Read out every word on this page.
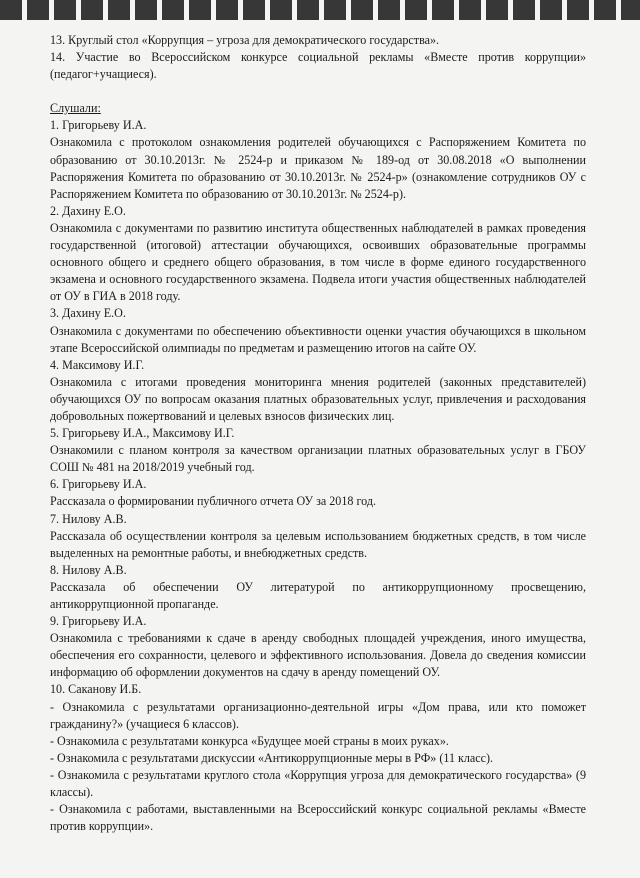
13. Круглый стол «Коррупция – угроза для демократического государства».

14. Участие во Всероссийском конкурсе социальной рекламы «Вместе против коррупции» (педагог+учащиеся).

Слушали:

1. Григорьеву И.А.

Ознакомила с протоколом ознакомления родителей обучающихся с Распоряжением Комитета по образованию от 30.10.2013г. № 2524-р и приказом № 189-од от 30.08.2018 «О выполнении Распоряжения Комитета по образованию от 30.10.2013г. № 2524-р» (ознакомление сотрудников ОУ с Распоряжением Комитета по образованию от 30.10.2013г. № 2524-р).

2. Дахину Е.О.

Ознакомила с документами по развитию института общественных наблюдателей в рамках проведения государственной (итоговой) аттестации обучающихся, освоивших образовательные программы основного общего и среднего общего образования, в том числе в форме единого государственного экзамена и основного государственного экзамена. Подвела итоги участия общественных наблюдателей от ОУ в ГИА в 2018 году.

3. Дахину Е.О.

Ознакомила с документами по обеспечению объективности оценки участия обучающихся в школьном этапе Всероссийской олимпиады по предметам и размещению итогов на сайте ОУ.

4. Максимову И.Г.

Ознакомила с итогами проведения мониторинга мнения родителей (законных представителей) обучающихся ОУ по вопросам оказания платных образовательных услуг, привлечения и расходования добровольных пожертвований и целевых взносов физических лиц.

5. Григорьеву И.А., Максимову И.Г.

Ознакомили с планом контроля за качеством организации платных образовательных услуг в ГБОУ СОШ № 481 на 2018/2019 учебный год.

6. Григорьеву И.А.

Рассказала о формировании публичного отчета ОУ за 2018 год.

7. Нилову А.В.

Рассказала об осуществлении контроля за целевым использованием бюджетных средств, в том числе выделенных на ремонтные работы, и внебюджетных средств.

8. Нилову А.В.

Рассказала об обеспечении ОУ литературой по антикоррупционному просвещению, антикоррупционной пропаганде.

9. Григорьеву И.А.

Ознакомила с требованиями к сдаче в аренду свободных площадей учреждения, иного имущества, обеспечения его сохранности, целевого и эффективного использования. Довела до сведения комиссии информацию об оформлении документов на сдачу в аренду помещений ОУ.

10. Саканову И.Б.

- Ознакомила с результатами организационно-деятельной игры «Дом права, или кто поможет гражданину?» (учащиеся 6 классов).

- Ознакомила с результатами конкурса «Будущее моей страны в моих руках».

- Ознакомила с результатами дискуссии «Антикоррупционные меры в РФ» (11 класс).

- Ознакомила с результатами круглого стола «Коррупция угроза для демократического государства» (9 классы).

- Ознакомила с работами, выставленными на Всероссийский конкурс социальной рекламы «Вместе против коррупции».
